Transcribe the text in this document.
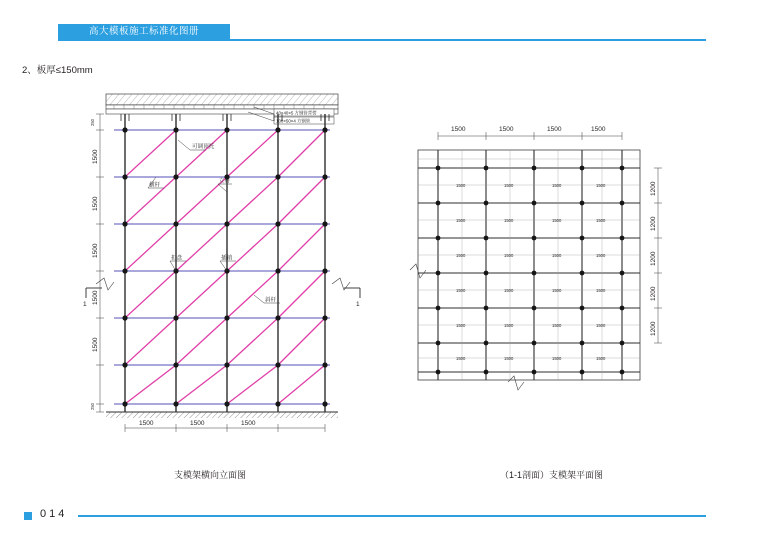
高大模板施工标准化图册
2、板厚≤150mm
40×40×5 方钢管背愣
100×50×4 方钢管
1	1
250
1500
1500
1500
1500
1500
250
1500	1500	1500
可调顶托
横杆
立杆
扣盘	插销
斜杆
1500	1500	1500	1500
1500	1500	1500	1500
1500	1500	1500	1500
1500	1500	1500	1500
1500	1500	1500	1500
1500	1500	1500	1500
1500	1500	1500	1500
1200
1200
1200
1200
1200
支模架横向立面图	（1-1剖面）支模架平面图
014
